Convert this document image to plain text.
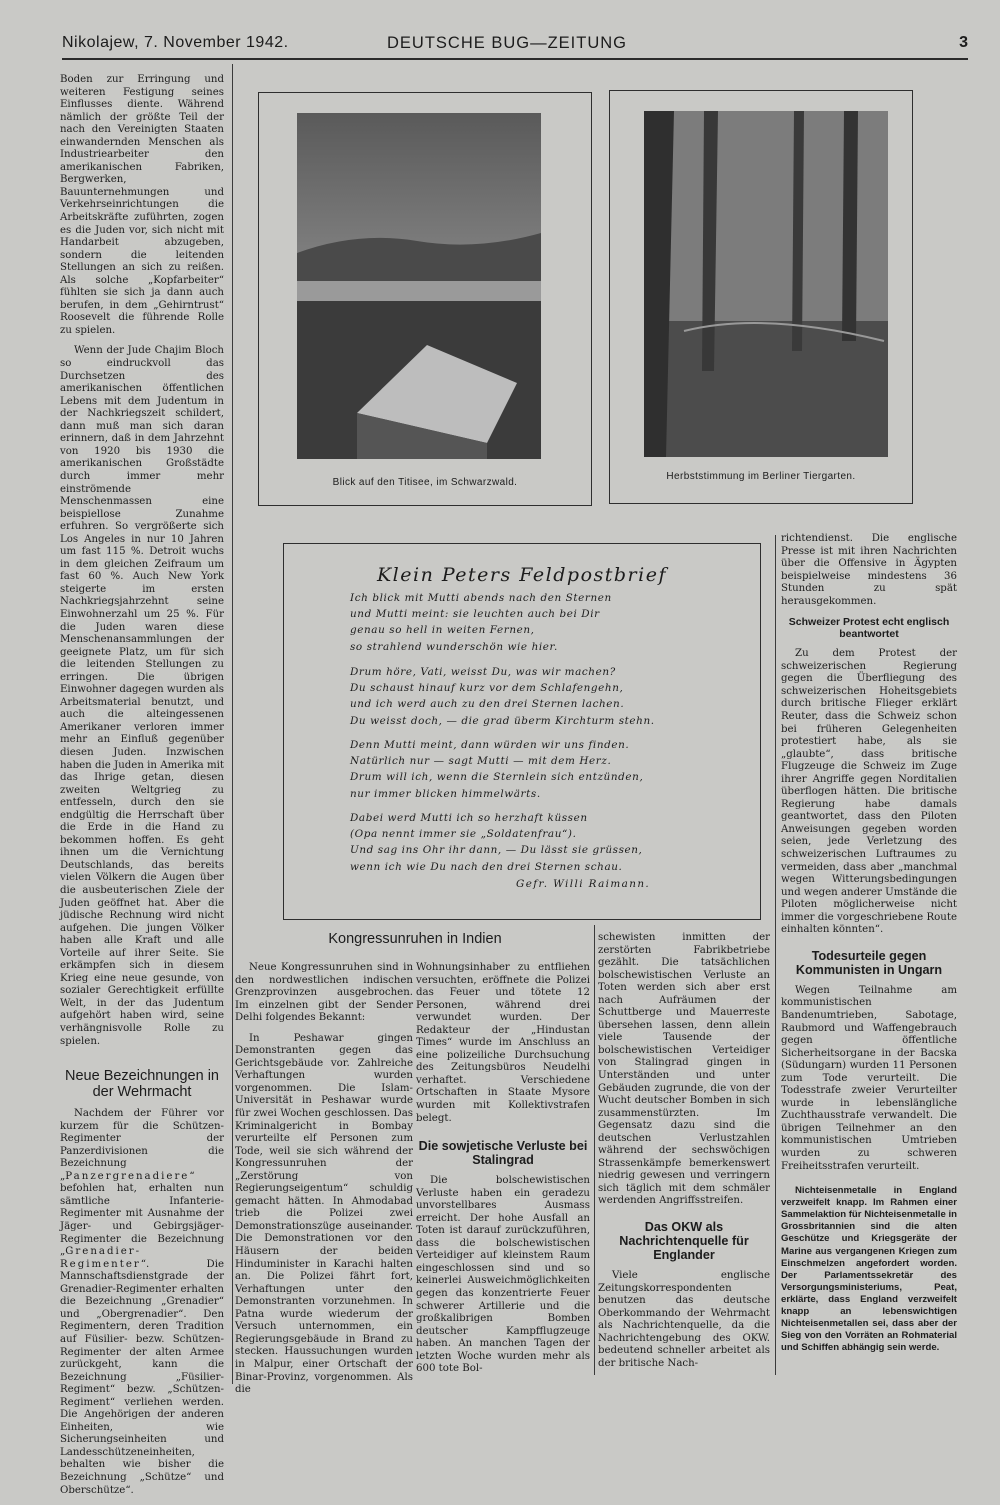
Nikolajew, 7. November 1942.	DEUTSCHE BUG—ZEITUNG	3

Boden zur Erringung und weiteren Festigung seines Einflusses diente. Während nämlich der größte Teil der nach den Vereinigten Staaten einwandernden Menschen als Industriearbeiter den amerikanischen Fabriken, Bergwerken, Bauunternehmungen und Verkehrseinrichtungen die Arbeitskräfte zuführten, zogen es die Juden vor, sich nicht mit Handarbeit abzugeben, sondern die leitenden Stellungen an sich zu reißen. Als solche „Kopfarbeiter“ fühlten sie sich ja dann auch berufen, in dem „Gehirntrust“ Roosevelt die führende Rolle zu spielen.

Wenn der Jude Chajim Bloch so eindruckvoll das Durchsetzen des amerikanischen öffentlichen Lebens mit dem Judentum in der Nachkriegszeit schildert, dann muß man sich daran erinnern, daß in dem Jahrzehnt von 1920 bis 1930 die amerikanischen Großstädte durch immer mehr einströmende Menschenmassen eine beispiellose Zunahme erfuhren. So vergrößerte sich Los Angeles in nur 10 Jahren um fast 115 %. Detroit wuchs in dem gleichen Zeifraum um fast 60 %. Auch New York steigerte im ersten Nachkriegsjahrzehnt seine Einwohnerzahl um 25 %. Für die Juden waren diese Menschenansammlungen der geeignete Platz, um für sich die leitenden Stellungen zu erringen. Die übrigen Einwohner dagegen wurden als Arbeitsmaterial benutzt, und auch die alteingessenen Amerikaner verloren immer mehr an Einfluß gegenüber diesen Juden. Inzwischen haben die Juden in Amerika mit das Ihrige getan, diesen zweiten Weltgrieg zu entfesseln, durch den sie endgültig die Herrschaft über die Erde in die Hand zu bekommen hoffen. Es geht ihnen um die Vernichtung Deutschlands, das bereits vielen Völkern die Augen über die ausbeuterischen Ziele der Juden geöffnet hat. Aber die jüdische Rechnung wird nicht aufgehen. Die jungen Völker haben alle Kraft und alle Vorteile auf ihrer Seite. Sie erkämpfen sich in diesem Krieg eine neue gesunde, von sozialer Gerechtigkeit erfüllte Welt, in der das Judentum aufgehört haben wird, seine verhängnisvolle Rolle zu spielen.

Neue Bezeichnungen in der Wehrmacht

Nachdem der Führer vor kurzem für die Schützen-Regimenter der Panzerdivisionen die Bezeichnung „Panzergrenadiere“ befohlen hat, erhalten nun sämtliche Infanterie-Regimenter mit Ausnahme der Jäger- und Gebirgsjäger-Regimenter die Bezeichnung „Grenadier-Regimenter“. Die Mannschaftsdienstgrade der Grenadier-Regimenter erhalten die Bezeichnung „Grenadier“ und „Obergrenadier“. Den Regimentern, deren Tradition auf Füsilier- bezw. Schützen-Regimenter der alten Armee zurückgeht, kann die Bezeichnung „Füsilier-Regiment“ bezw. „Schützen-Regiment“ verliehen werden. Die Angehörigen der anderen Einheiten, wie Sicherungseinheiten und Landesschützeneinheiten, behalten wie bisher die Bezeichnung „Schütze“ und Oberschütze“.

Blick auf den Titisee, im Schwarzwald.
Herbststimmung im Berliner Tiergarten.
Klein Peters Feldpostbrief
Ich blick mit Mutti abends nach den Sternen
und Mutti meint: sie leuchten auch bei Dir
genau so hell in weiten Fernen,
so strahlend wunderschön wie hier.
Drum höre, Vati, weisst Du, was wir machen?
Du schaust hinauf kurz vor dem Schlafengehn,
und ich werd auch zu den drei Sternen lachen.
Du weisst doch, — die grad überm Kirchturm stehn.
Denn Mutti meint, dann würden wir uns finden.
Natürlich nur — sagt Mutti — mit dem Herz.
Drum will ich, wenn die Sternlein sich entzünden,
nur immer blicken himmelwärts.
Dabei werd Mutti ich so herzhaft küssen
(Opa nennt immer sie „Soldatenfrau“).
Und sag ins Ohr ihr dann, — Du lässt sie grüssen,
wenn ich wie Du nach den drei Sternen schau.
Gefr. Willi Raimann.
Kongressunruhen in Indien

Neue Kongressunruhen sind in den nordwestlichen indischen Grenzprovinzen ausgebrochen. Im einzelnen gibt der Sender Delhi folgendes Bekannt:

In Peshawar gingen Demonstranten gegen das Gerichtsgebäude vor. Zahlreiche Verhaftungen wurden vorgenommen. Die Islam-Universität in Peshawar wurde für zwei Wochen geschlossen. Das Kriminalgericht in Bombay verurteilte elf Personen zum Tode, weil sie sich während der Kongressunruhen der „Zerstörung von Regierungseigentum“ schuldig gemacht hätten. In Ahmodabad trieb die Polizei zwei Demonstrationszüge auseinander. Die Demonstrationen vor den Häusern der beiden Hinduminister in Karachi halten an. Die Polizei fährt fort, Verhaftungen unter den Demonstranten vorzunehmen. In Patna wurde wiederum der Versuch unternommen, ein Regierungsgebäude in Brand zu stecken. Haussuchungen wurden in Malpur, einer Ortschaft der Binar-Provinz, vorgenommen. Als die

Wohnungsinhaber zu entfliehen versuchten, eröffnete die Polizei das Feuer und tötete 12 Personen, während drei verwundet wurden. Der Redakteur der „Hindustan Times“ wurde im Anschluss an eine polizeiliche Durchsuchung des Zeitungsbüros Neudelhi verhaftet. Verschiedene Ortschaften in Staate Mysore wurden mit Kollektivstrafen belegt.

Die sowjetische Verluste bei Stalingrad

Die bolschewistischen Verluste haben ein geradezu unvorstellbares Ausmass erreicht. Der hohe Ausfall an Toten ist darauf zurückzuführen, dass die bolschewistischen Verteidiger auf kleinstem Raum eingeschlossen sind und so keinerlei Ausweichmöglichkeiten gegen das konzentrierte Feuer schwerer Artillerie und die großkalibrigen Bomben deutscher Kampfflugzeuge haben. An manchen Tagen der letzten Woche wurden mehr als 600 tote Bol-

schewisten inmitten der zerstörten Fabrikbetriebe gezählt. Die tatsächlichen bolschewistischen Verluste an Toten werden sich aber erst nach Aufräumen der Schuttberge und Mauerreste übersehen lassen, denn allein viele Tausende der bolschewistischen Verteidiger von Stalingrad gingen in Unterständen und unter Gebäuden zugrunde, die von der Wucht deutscher Bomben in sich zusammenstürzten. Im Gegensatz dazu sind die deutschen Verlustzahlen während der sechswöchigen Strassenkämpfe bemerkenswert niedrig gewesen und verringern sich täglich mit dem schmäler werdenden Angriffsstreifen.

Das OKW als Nachrichtenquelle für Englander

Viele englische Zeitungskorrespondenten benutzen das deutsche Oberkommando der Wehrmacht als Nachrichtenquelle, da die Nachrichtengebung des OKW. bedeutend schneller arbeitet als der britische Nach-

richtendienst. Die englische Presse ist mit ihren Nachrichten über die Offensive in Ägypten beispielweise mindestens 36 Stunden zu spät herausgekommen.

Schweizer Protest echt englisch beantwortet

Zu dem Protest der schweizerischen Regierung gegen die Überfliegung des schweizerischen Hoheitsgebiets durch britische Flieger erklärt Reuter, dass die Schweiz schon bei früheren Gelegenheiten protestiert habe, als sie „glaubte“, dass britische Flugzeuge die Schweiz im Zuge ihrer Angriffe gegen Norditalien überflogen hätten. Die britische Regierung habe damals geantwortet, dass den Piloten Anweisungen gegeben worden seien, jede Verletzung des schweizerischen Luftraumes zu vermeiden, dass aber „manchmal wegen Witterungsbedingungen und wegen anderer Umstände die Piloten möglicherweise nicht immer die vorgeschriebene Route einhalten könnten“.

Todesurteile gegen Kommunisten in Ungarn

Wegen Teilnahme am kommunistischen Bandenumtrieben, Sabotage, Raubmord und Waffengebrauch gegen öffentliche Sicherheitsorgane in der Bacska (Südungarn) wurden 11 Personen zum Tode verurteilt. Die Todesstrafe zweier Verurteilter wurde in lebenslängliche Zuchthausstrafe verwandelt. Die übrigen Teilnehmer an den kommunistischen Umtrieben wurden zu schweren Freiheitsstrafen verurteilt.

Nichteisenmetalle in England verzweifelt knapp. Im Rahmen einer Sammelaktion für Nichteisenmetalle in Grossbritannien sind die alten Geschütze und Kriegsgeräte der Marine aus vergangenen Kriegen zum Einschmelzen angefordert worden. Der Parlamentssekretär des Versorgungsministeriums, Peat, erklärte, dass England verzweifelt knapp an lebenswichtigen Nichteisenmetallen sei, dass aber der Sieg von den Vorräten an Rohmaterial und Schiffen abhängig sein werde.
